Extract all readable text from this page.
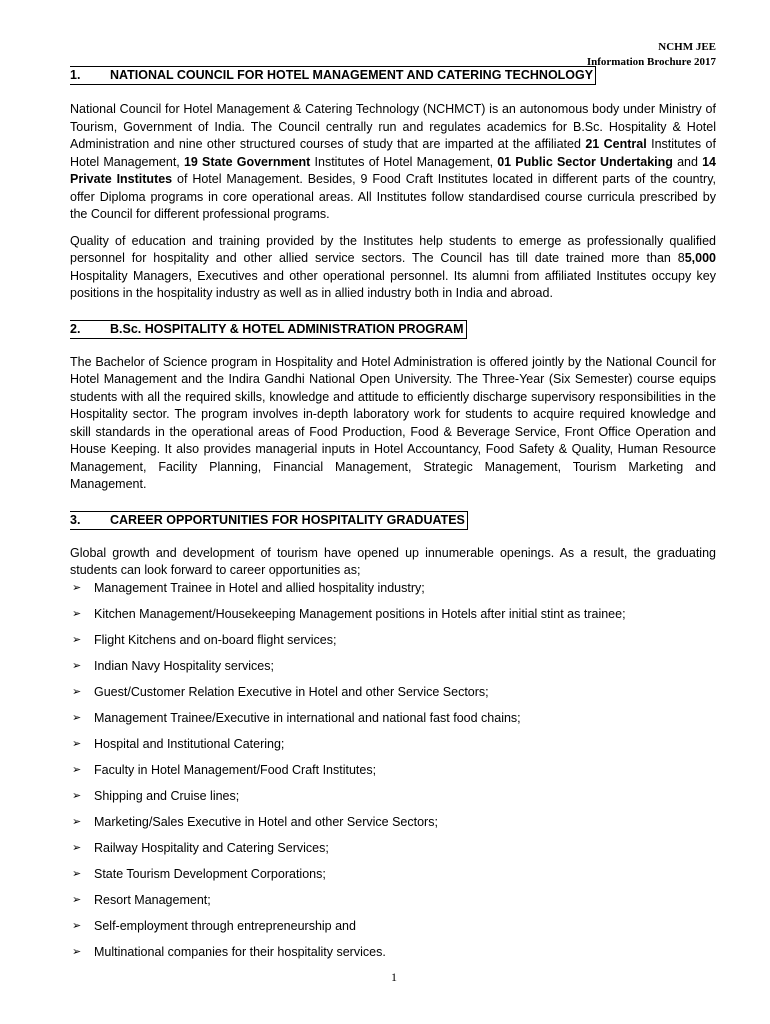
NCHM JEE
Information Brochure 2017
1. NATIONAL COUNCIL FOR HOTEL MANAGEMENT AND CATERING TECHNOLOGY

National Council for Hotel Management & Catering Technology (NCHMCT) is an autonomous body under Ministry of Tourism, Government of India. The Council centrally run and regulates academics for B.Sc. Hospitality & Hotel Administration and nine other structured courses of study that are imparted at the affiliated 21 Central Institutes of Hotel Management, 19 State Government Institutes of Hotel Management, 01 Public Sector Undertaking and 14 Private Institutes of Hotel Management. Besides, 9 Food Craft Institutes located in different parts of the country, offer Diploma programs in core operational areas. All Institutes follow standardised course curricula prescribed by the Council for different professional programs.

Quality of education and training provided by the Institutes help students to emerge as professionally qualified personnel for hospitality and other allied service sectors. The Council has till date trained more than 85,000 Hospitality Managers, Executives and other operational personnel. Its alumni from affiliated Institutes occupy key positions in the hospitality industry as well as in allied industry both in India and abroad.

2. B.Sc. HOSPITALITY & HOTEL ADMINISTRATION PROGRAM

The Bachelor of Science program in Hospitality and Hotel Administration is offered jointly by the National Council for Hotel Management and the Indira Gandhi National Open University. The Three-Year (Six Semester) course equips students with all the required skills, knowledge and attitude to efficiently discharge supervisory responsibilities in the Hospitality sector. The program involves in-depth laboratory work for students to acquire required knowledge and skill standards in the operational areas of Food Production, Food & Beverage Service, Front Office Operation and House Keeping. It also provides managerial inputs in Hotel Accountancy, Food Safety & Quality, Human Resource Management, Facility Planning, Financial Management, Strategic Management, Tourism Marketing and Management.

3. CAREER OPPORTUNITIES FOR HOSPITALITY GRADUATES

Global growth and development of tourism have opened up innumerable openings. As a result, the graduating students can look forward to career opportunities as;

➢ Management Trainee in Hotel and allied hospitality industry;
➢ Kitchen Management/Housekeeping Management positions in Hotels after initial stint as trainee;
➢ Flight Kitchens and on-board flight services;
➢ Indian Navy Hospitality services;
➢ Guest/Customer Relation Executive in Hotel and other Service Sectors;
➢ Management Trainee/Executive in international and national fast food chains;
➢ Hospital and Institutional Catering;
➢ Faculty in Hotel Management/Food Craft Institutes;
➢ Shipping and Cruise lines;
➢ Marketing/Sales Executive in Hotel and other Service Sectors;
➢ Railway Hospitality and Catering Services;
➢ State Tourism Development Corporations;
➢ Resort Management;
➢ Self-employment through entrepreneurship and
➢ Multinational companies for their hospitality services.
1
